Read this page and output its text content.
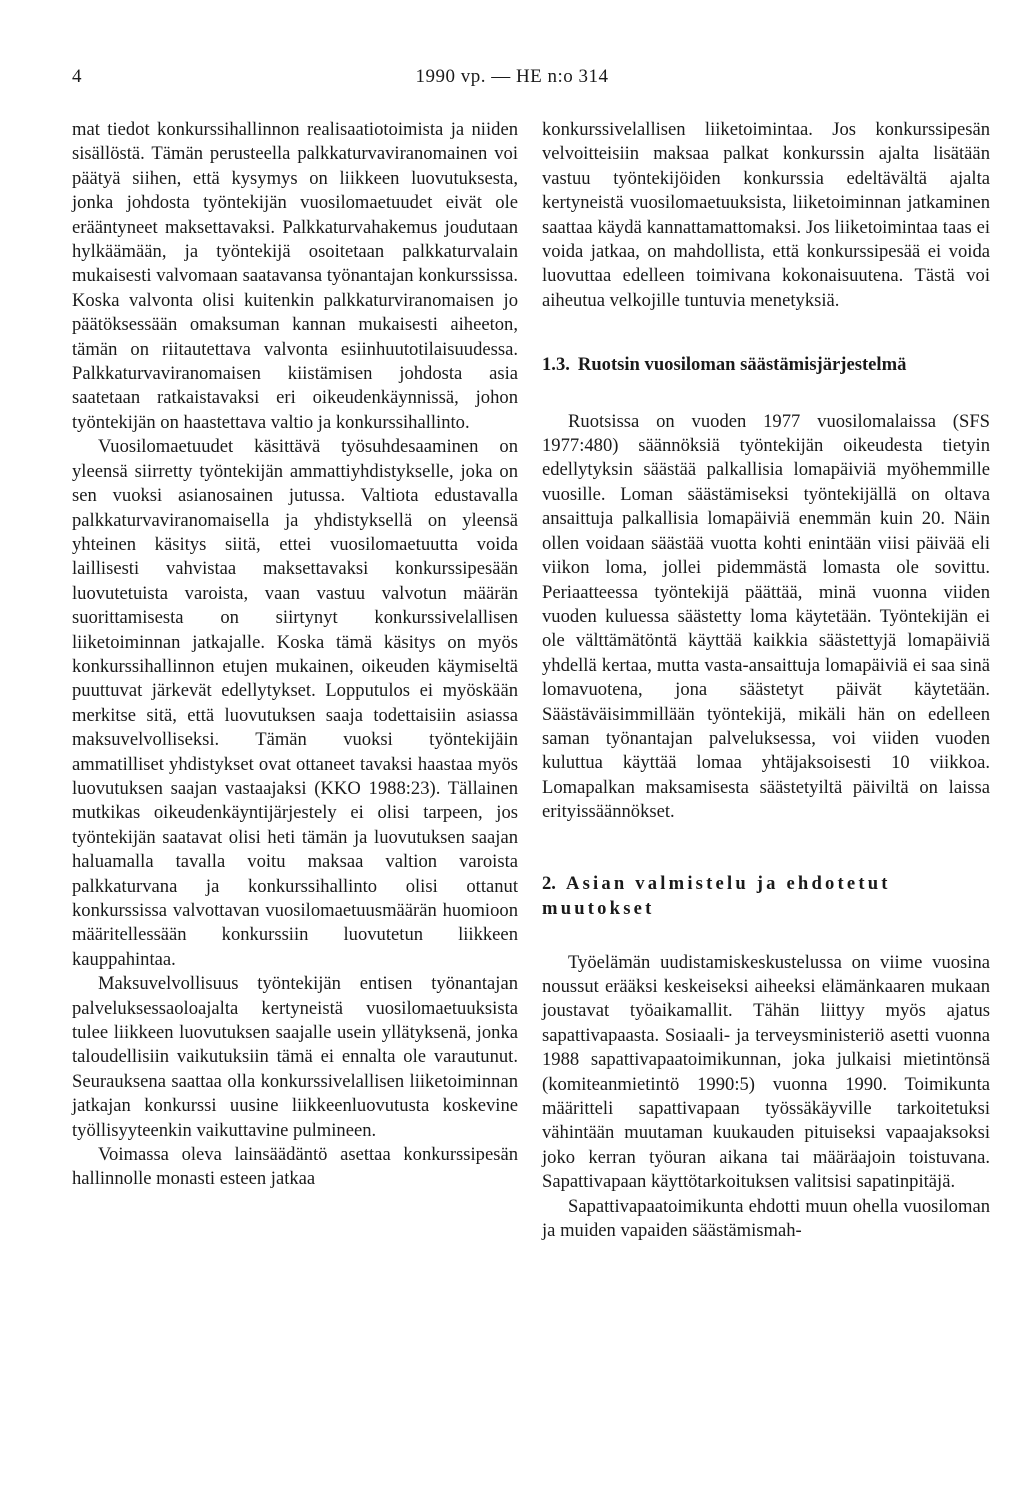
4	1990 vp. — HE n:o 314

mat tiedot konkurssihallinnon realisaatiotoimista ja niiden sisällöstä. Tämän perusteella palkkaturvaviranomainen voi päätyä siihen, että kysymys on liikkeen luovutuksesta, jonka johdosta työntekijän vuosilomaetuudet eivät ole erääntyneet maksettavaksi. Palkkaturvahakemus joudutaan hylkäämään, ja työntekijä osoitetaan palkkaturvalain mukaisesti valvomaan saatavansa työnantajan konkurssissa. Koska valvonta olisi kuitenkin palkkaturviranomaisen jo päätöksessään omaksuman kannan mukaisesti aiheeton, tämän on riitautettava valvonta esiinhuutotilaisuudessa. Palkkaturvaviranomaisen kiistämisen johdosta asia saatetaan ratkaistavaksi eri oikeudenkäynnissä, johon työntekijän on haastettava valtio ja konkurssihallinto.

Vuosilomaetuudet käsittävä työsuhdesaaminen on yleensä siirretty työntekijän ammattiyhdistykselle, joka on sen vuoksi asianosainen jutussa. Valtiota edustavalla palkkaturvaviranomaisella ja yhdistyksellä on yleensä yhteinen käsitys siitä, ettei vuosilomaetuutta voida laillisesti vahvistaa maksettavaksi konkurssipesään luovutetuista varoista, vaan vastuu valvotun määrän suorittamisesta on siirtynyt konkurssivelallisen liiketoiminnan jatkajalle. Koska tämä käsitys on myös konkurssihallinnon etujen mukainen, oikeuden käymiseltä puuttuvat järkevät edellytykset. Lopputulos ei myöskään merkitse sitä, että luovutuksen saaja todettaisiin asiassa maksuvelvolliseksi. Tämän vuoksi työntekijäin ammatilliset yhdistykset ovat ottaneet tavaksi haastaa myös luovutuksen saajan vastaajaksi (KKO 1988:23). Tällainen mutkikas oikeudenkäyntijärjestely ei olisi tarpeen, jos työntekijän saatavat olisi heti tämän ja luovutuksen saajan haluamalla tavalla voitu maksaa valtion varoista palkkaturvana ja konkurssihallinto olisi ottanut konkurssissa valvottavan vuosilomaetuusmäärän huomioon määritellessään konkurssiin luovutetun liikkeen kauppahintaa.

Maksuvelvollisuus työntekijän entisen työnantajan palveluksessaoloajalta kertyneistä vuosilomaetuuksista tulee liikkeen luovutuksen saajalle usein yllätyksenä, jonka taloudellisiin vaikutuksiin tämä ei ennalta ole varautunut. Seurauksena saattaa olla konkurssivelallisen liiketoiminnan jatkajan konkurssi uusine liikkeenluovutusta koskevine työllisyyteenkin vaikuttavine pulmineen.

Voimassa oleva lainsäädäntö asettaa konkurssipesän hallinnolle monasti esteen jatkaa

konkurssivelallisen liiketoimintaa. Jos konkurssipesän velvoitteisiin maksaa palkat konkurssin ajalta lisätään vastuu työntekijöiden konkurssia edeltävältä ajalta kertyneistä vuosilomaetuuksista, liiketoiminnan jatkaminen saattaa käydä kannattamattomaksi. Jos liiketoimintaa taas ei voida jatkaa, on mahdollista, että konkurssipesää ei voida luovuttaa edelleen toimivana kokonaisuutena. Tästä voi aiheutua velkojille tuntuvia menetyksiä.

1.3. Ruotsin vuosiloman säästämisjärjestelmä

Ruotsissa on vuoden 1977 vuosilomalaissa (SFS 1977:480) säännöksiä työntekijän oikeudesta tietyin edellytyksin säästää palkallisia lomapäiviä myöhemmille vuosille. Loman säästämiseksi työntekijällä on oltava ansaittuja palkallisia lomapäiviä enemmän kuin 20. Näin ollen voidaan säästää vuotta kohti enintään viisi päivää eli viikon loma, jollei pidemmästä lomasta ole sovittu. Periaatteessa työntekijä päättää, minä vuonna viiden vuoden kuluessa säästetty loma käytetään. Työntekijän ei ole välttämätöntä käyttää kaikkia säästettyjä lomapäiviä yhdellä kertaa, mutta vasta-ansaittuja lomapäiviä ei saa sinä lomavuotena, jona säästetyt päivät käytetään. Säästäväisimmillään työntekijä, mikäli hän on edelleen saman työnantajan palveluksessa, voi viiden vuoden kuluttua käyttää lomaa yhtäjaksoisesti 10 viikkoa. Lomapalkan maksamisesta säästetyiltä päiviltä on laissa erityissäännökset.

2. Asian valmistelu ja ehdotetut muutokset

Työelämän uudistamiskeskustelussa on viime vuosina noussut erääksi keskeiseksi aiheeksi elämänkaaren mukaan joustavat työaikamallit. Tähän liittyy myös ajatus sapattivapaasta. Sosiaali- ja terveysministeriö asetti vuonna 1988 sapattivapaatoimikunnan, joka julkaisi mietintönsä (komiteanmietintö 1990:5) vuonna 1990. Toimikunta määritteli sapattivapaan työssäkäyville tarkoitetuksi vähintään muutaman kuukauden pituiseksi vapaajaksoksi joko kerran työuran aikana tai määräajoin toistuvana. Sapattivapaan käyttötarkoituksen valitsisi sapatinpitäjä.

Sapattivapaatoimikunta ehdotti muun ohella vuosiloman ja muiden vapaiden säästämismah-
